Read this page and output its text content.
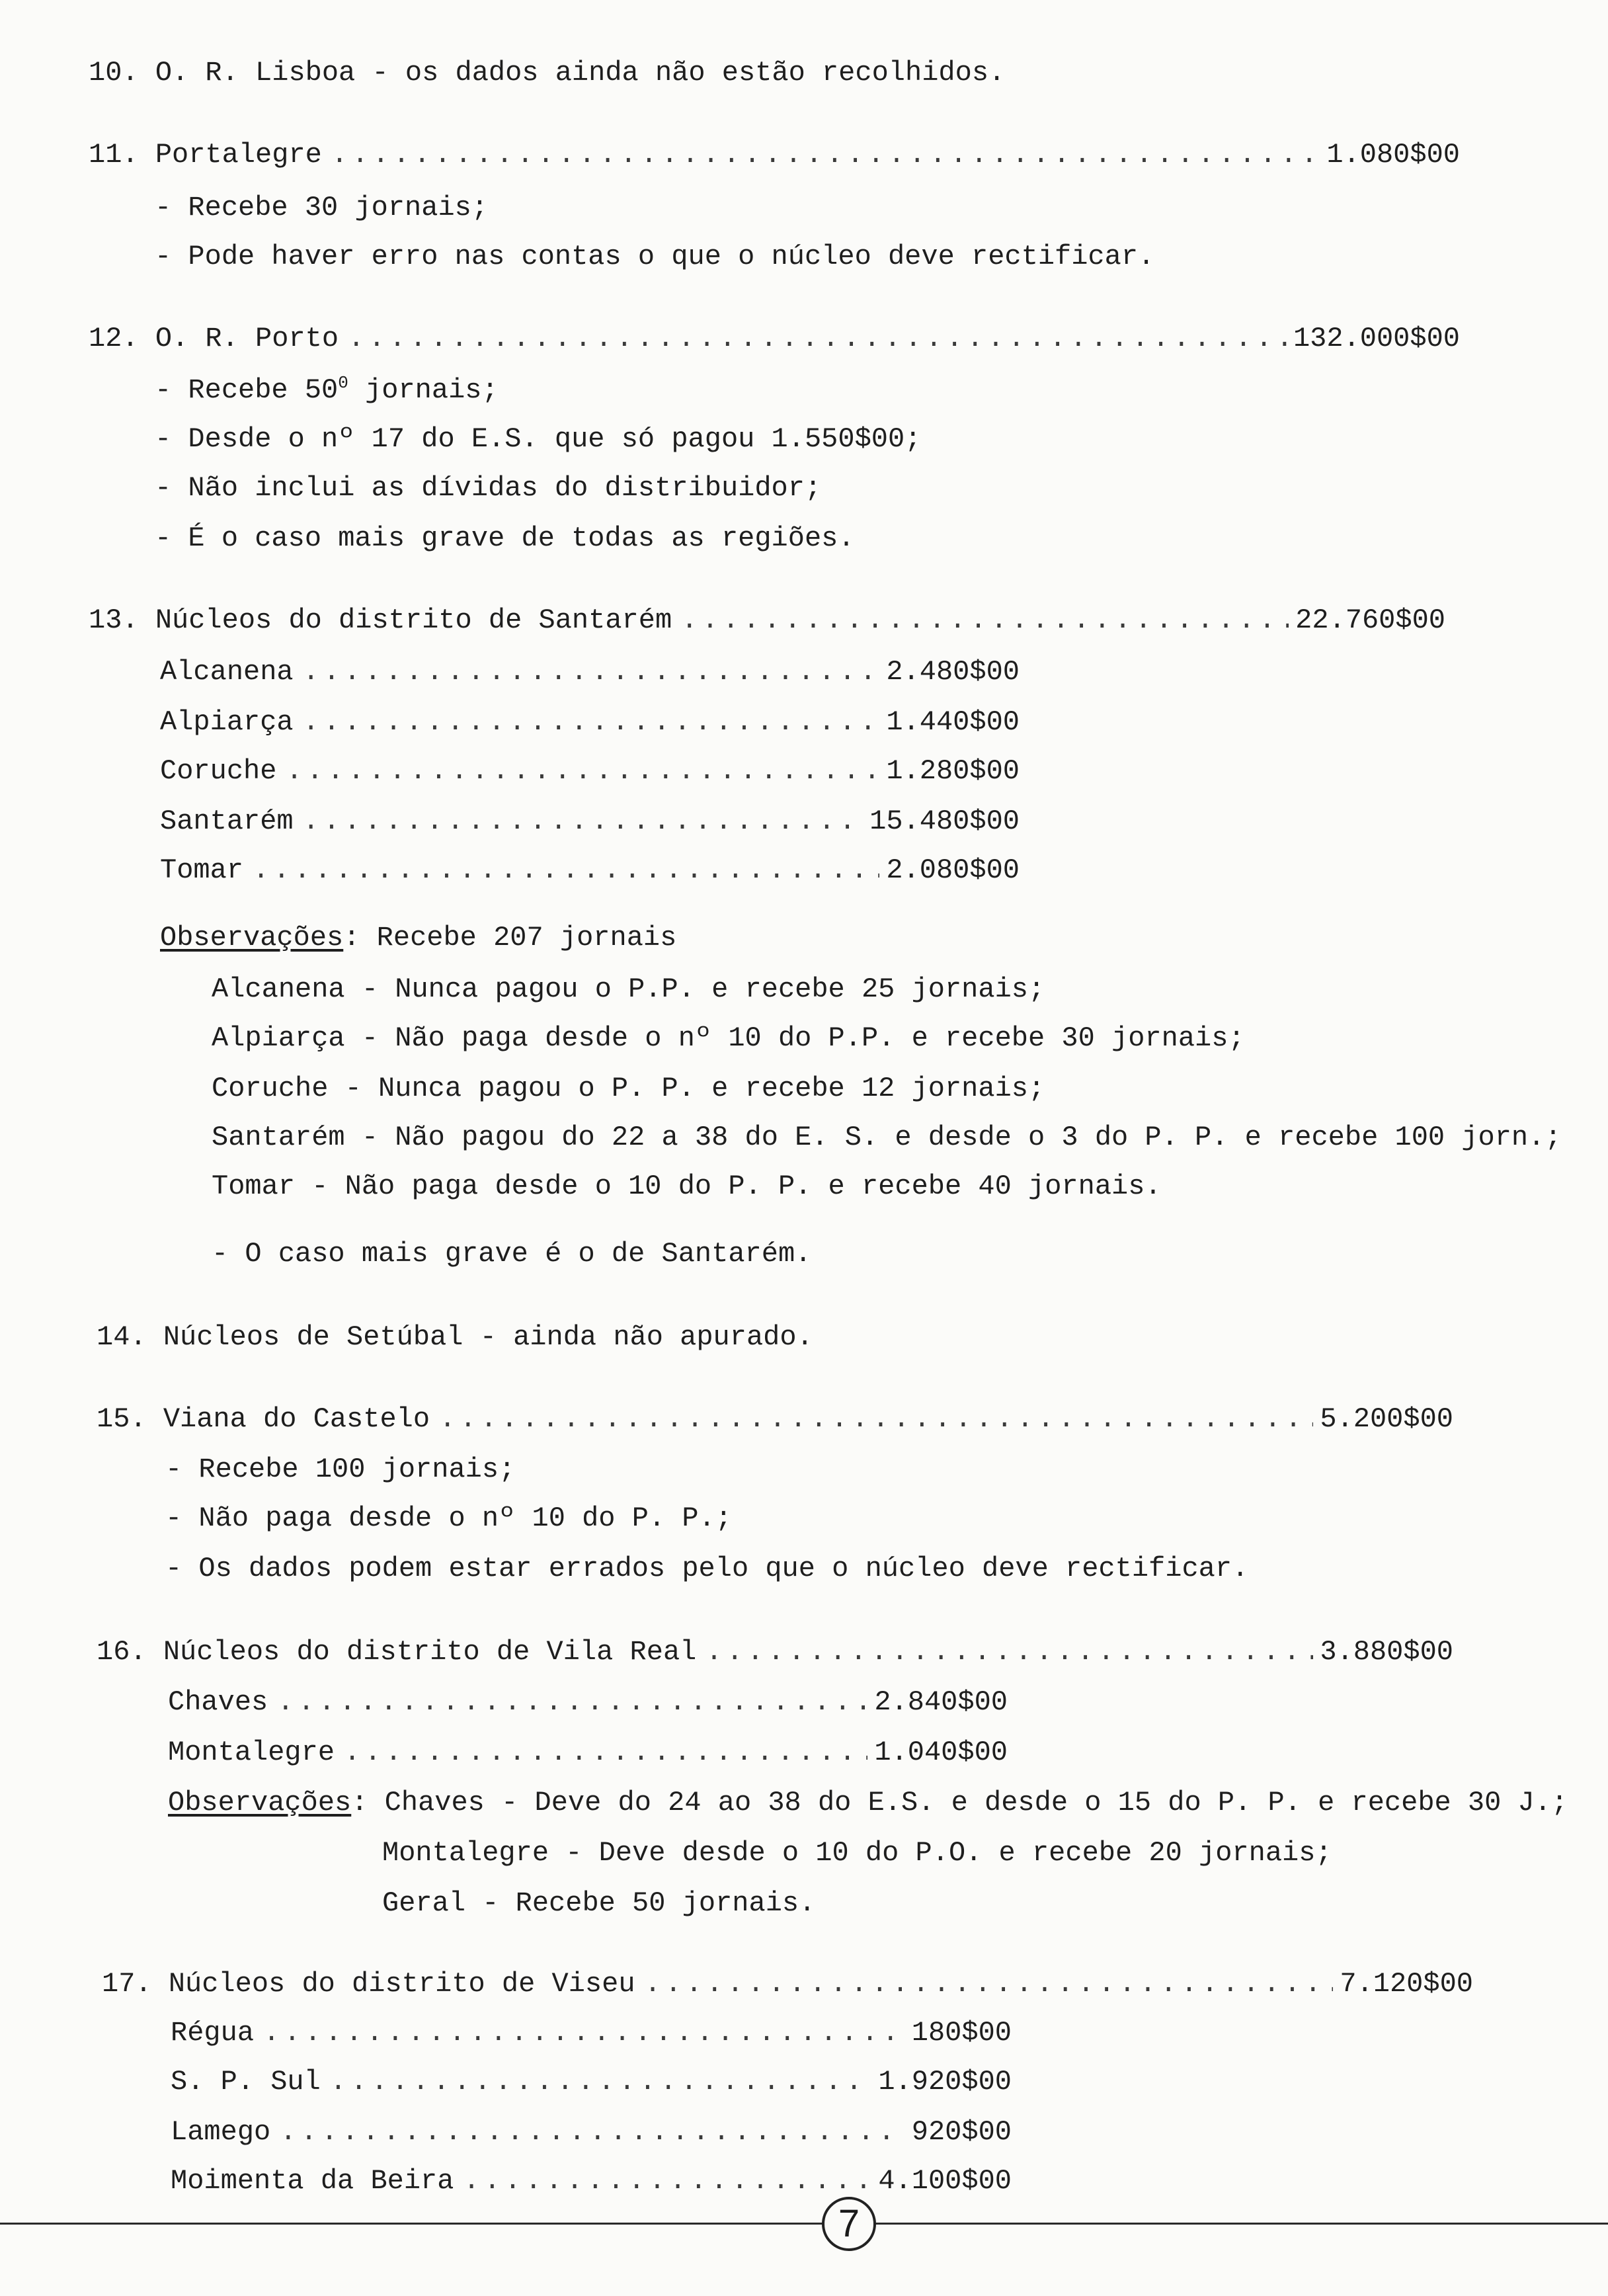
10. O. R. Lisboa - os dados ainda não estão recolhidos.
11. Portalegre .....	1.080$00
- Recebe 30 jornais;
- Pode haver erro nas contas o que o núcleo deve rectificar.
12. O. R. Porto .....	132.000$00
- Recebe $50^0$ jornais;
- Desde o nº 17 do E.S. que só pagou 1.550$00;
- Não inclui as dívidas do distribuidor;
- É o caso mais grave de todas as regiões.
13. Núcleos do distrito de Santarém .....	22.760$00
Alcanena .....	2.480$00
Alpiarça .....	1.440$00
Coruche .....	1.280$00
Santarém .....	15.480$00
Tomar .....	2.080$00
Observações: Recebe 207 jornais
Alcanena - Nunca pagou o P.P. e recebe 25 jornais;
Alpiarça - Não paga desde o nº 10 do P.P. e recebe 30 jornais;
Coruche - Nunca pagou o P. P. e recebe 12 jornais;
Santarém - Não pagou do 22 a 38 do E. S. e desde o 3 do P. P. e recebe 100 jorn.;
Tomar - Não paga desde o 10 do P. P. e recebe 40 jornais.
- O caso mais grave é o de Santarém.
14. Núcleos de Setúbal - ainda não apurado.
15. Viana do Castelo .....	5.200$00
- Recebe 100 jornais;
- Não paga desde o nº 10 do P. P.;
- Os dados podem estar errados pelo que o núcleo deve rectificar.
16. Núcleos do distrito de Vila Real .....	3.880$00
Chaves .....	2.840$00
Montalegre .....	1.040$00
Observações: Chaves - Deve do 24 ao 38 do E.S. e desde o 15 do P. P. e recebe 30 J.;
Montalegre - Deve desde o 10 do P.O. e recebe 20 jornais;
Geral - Recebe 50 jornais.
17. Núcleos do distrito de Viseu .....	7.120$00
Régua .....	180$00
S. P. Sul .....	1.920$00
Lamego .....	920$00
Moimenta da Beira .....	4.100$00
7
